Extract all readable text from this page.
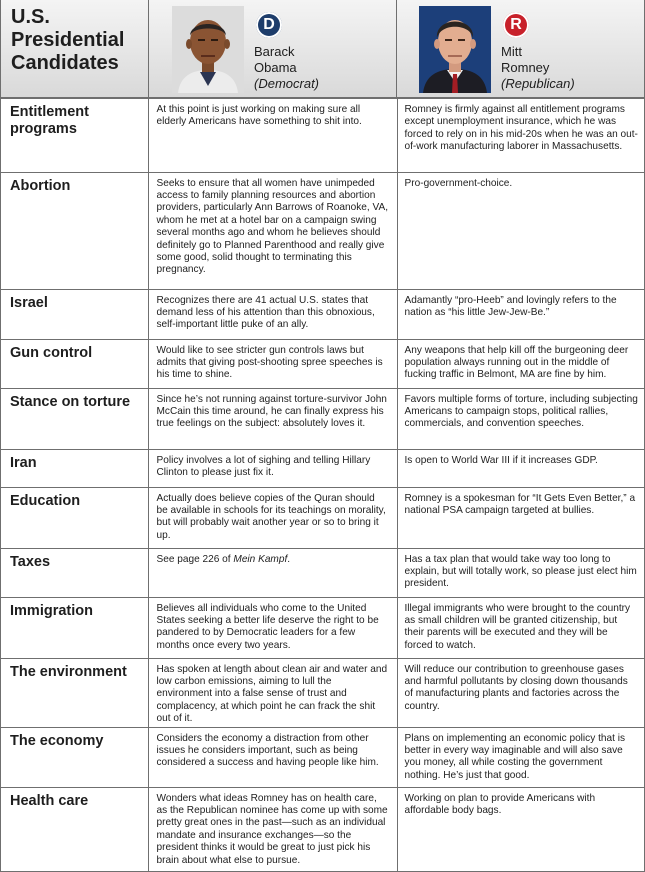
U.S.
Presidential
Candidates
D
Barack
Obama
(Democrat)
R
Mitt
Romney
(Republican)
Entitlement programs	At this point is just working on making sure all elderly Americans have something to shit into.	Romney is firmly against all entitlement programs except unemployment insurance, which he was forced to rely on in his mid-20s when he was an out-of-work manufacturing laborer in Massachusetts.
Abortion	Seeks to ensure that all women have unimpeded access to family planning resources and abortion providers, particularly Ann Barrows of Roanoke, VA, whom he met at a hotel bar on a campaign swing several months ago and whom he believes should definitely go to Planned Parenthood and really give some good, solid thought to terminating this pregnancy.	Pro-government-choice.
Israel	Recognizes there are 41 actual U.S. states that demand less of his attention than this obnoxious, self-important little puke of an ally.	Adamantly “pro-Heeb” and lovingly refers to the nation as “his little Jew-Jew-Be.”
Gun control	Would like to see stricter gun controls laws but admits that giving post-shooting spree speeches is his time to shine.	Any weapons that help kill off the burgeoning deer population always running out in the middle of fucking traffic in Belmont, MA are fine by him.
Stance on torture	Since he’s not running against torture-survivor John McCain this time around, he can finally express his true feelings on the subject: absolutely loves it.	Favors multiple forms of torture, including subjecting Americans to campaign stops, political rallies, commercials, and convention speeches.
Iran	Policy involves a lot of sighing and telling Hillary Clinton to please just fix it.	Is open to World War III if it increases GDP.
Education	Actually does believe copies of the Quran should be available in schools for its teachings on morality, but will probably wait another year or so to bring it up.	Romney is a spokesman for “It Gets Even Better,” a national PSA campaign targeted at bullies.
Taxes	See page 226 of Mein Kampf.	Has a tax plan that would take way too long to explain, but will totally work, so please just elect him president.
Immigration	Believes all individuals who come to the United States seeking a better life deserve the right to be pandered to by Democratic leaders for a few months once every two years.	Illegal immigrants who were brought to the country as small children will be granted citizenship, but their parents will be executed and they will be forced to watch.
The environment	Has spoken at length about clean air and water and low carbon emissions, aiming to lull the environment into a false sense of trust and complacency, at which point he can frack the shit out of it.	Will reduce our contribution to greenhouse gases and harmful pollutants by closing down thousands of manufacturing plants and factories across the country.
The economy	Considers the economy a distraction from other issues he considers important, such as being considered a success and having people like him.	Plans on implementing an economic policy that is better in every way imaginable and will also save you money, all while costing the government nothing. He’s just that good.
Health care	Wonders what ideas Romney has on health care, as the Republican nominee has come up with some pretty great ones in the past—such as an individual mandate and insurance exchanges—so the president thinks it would be great to just pick his brain about what else to pursue.	Working on plan to provide Americans with affordable body bags.
